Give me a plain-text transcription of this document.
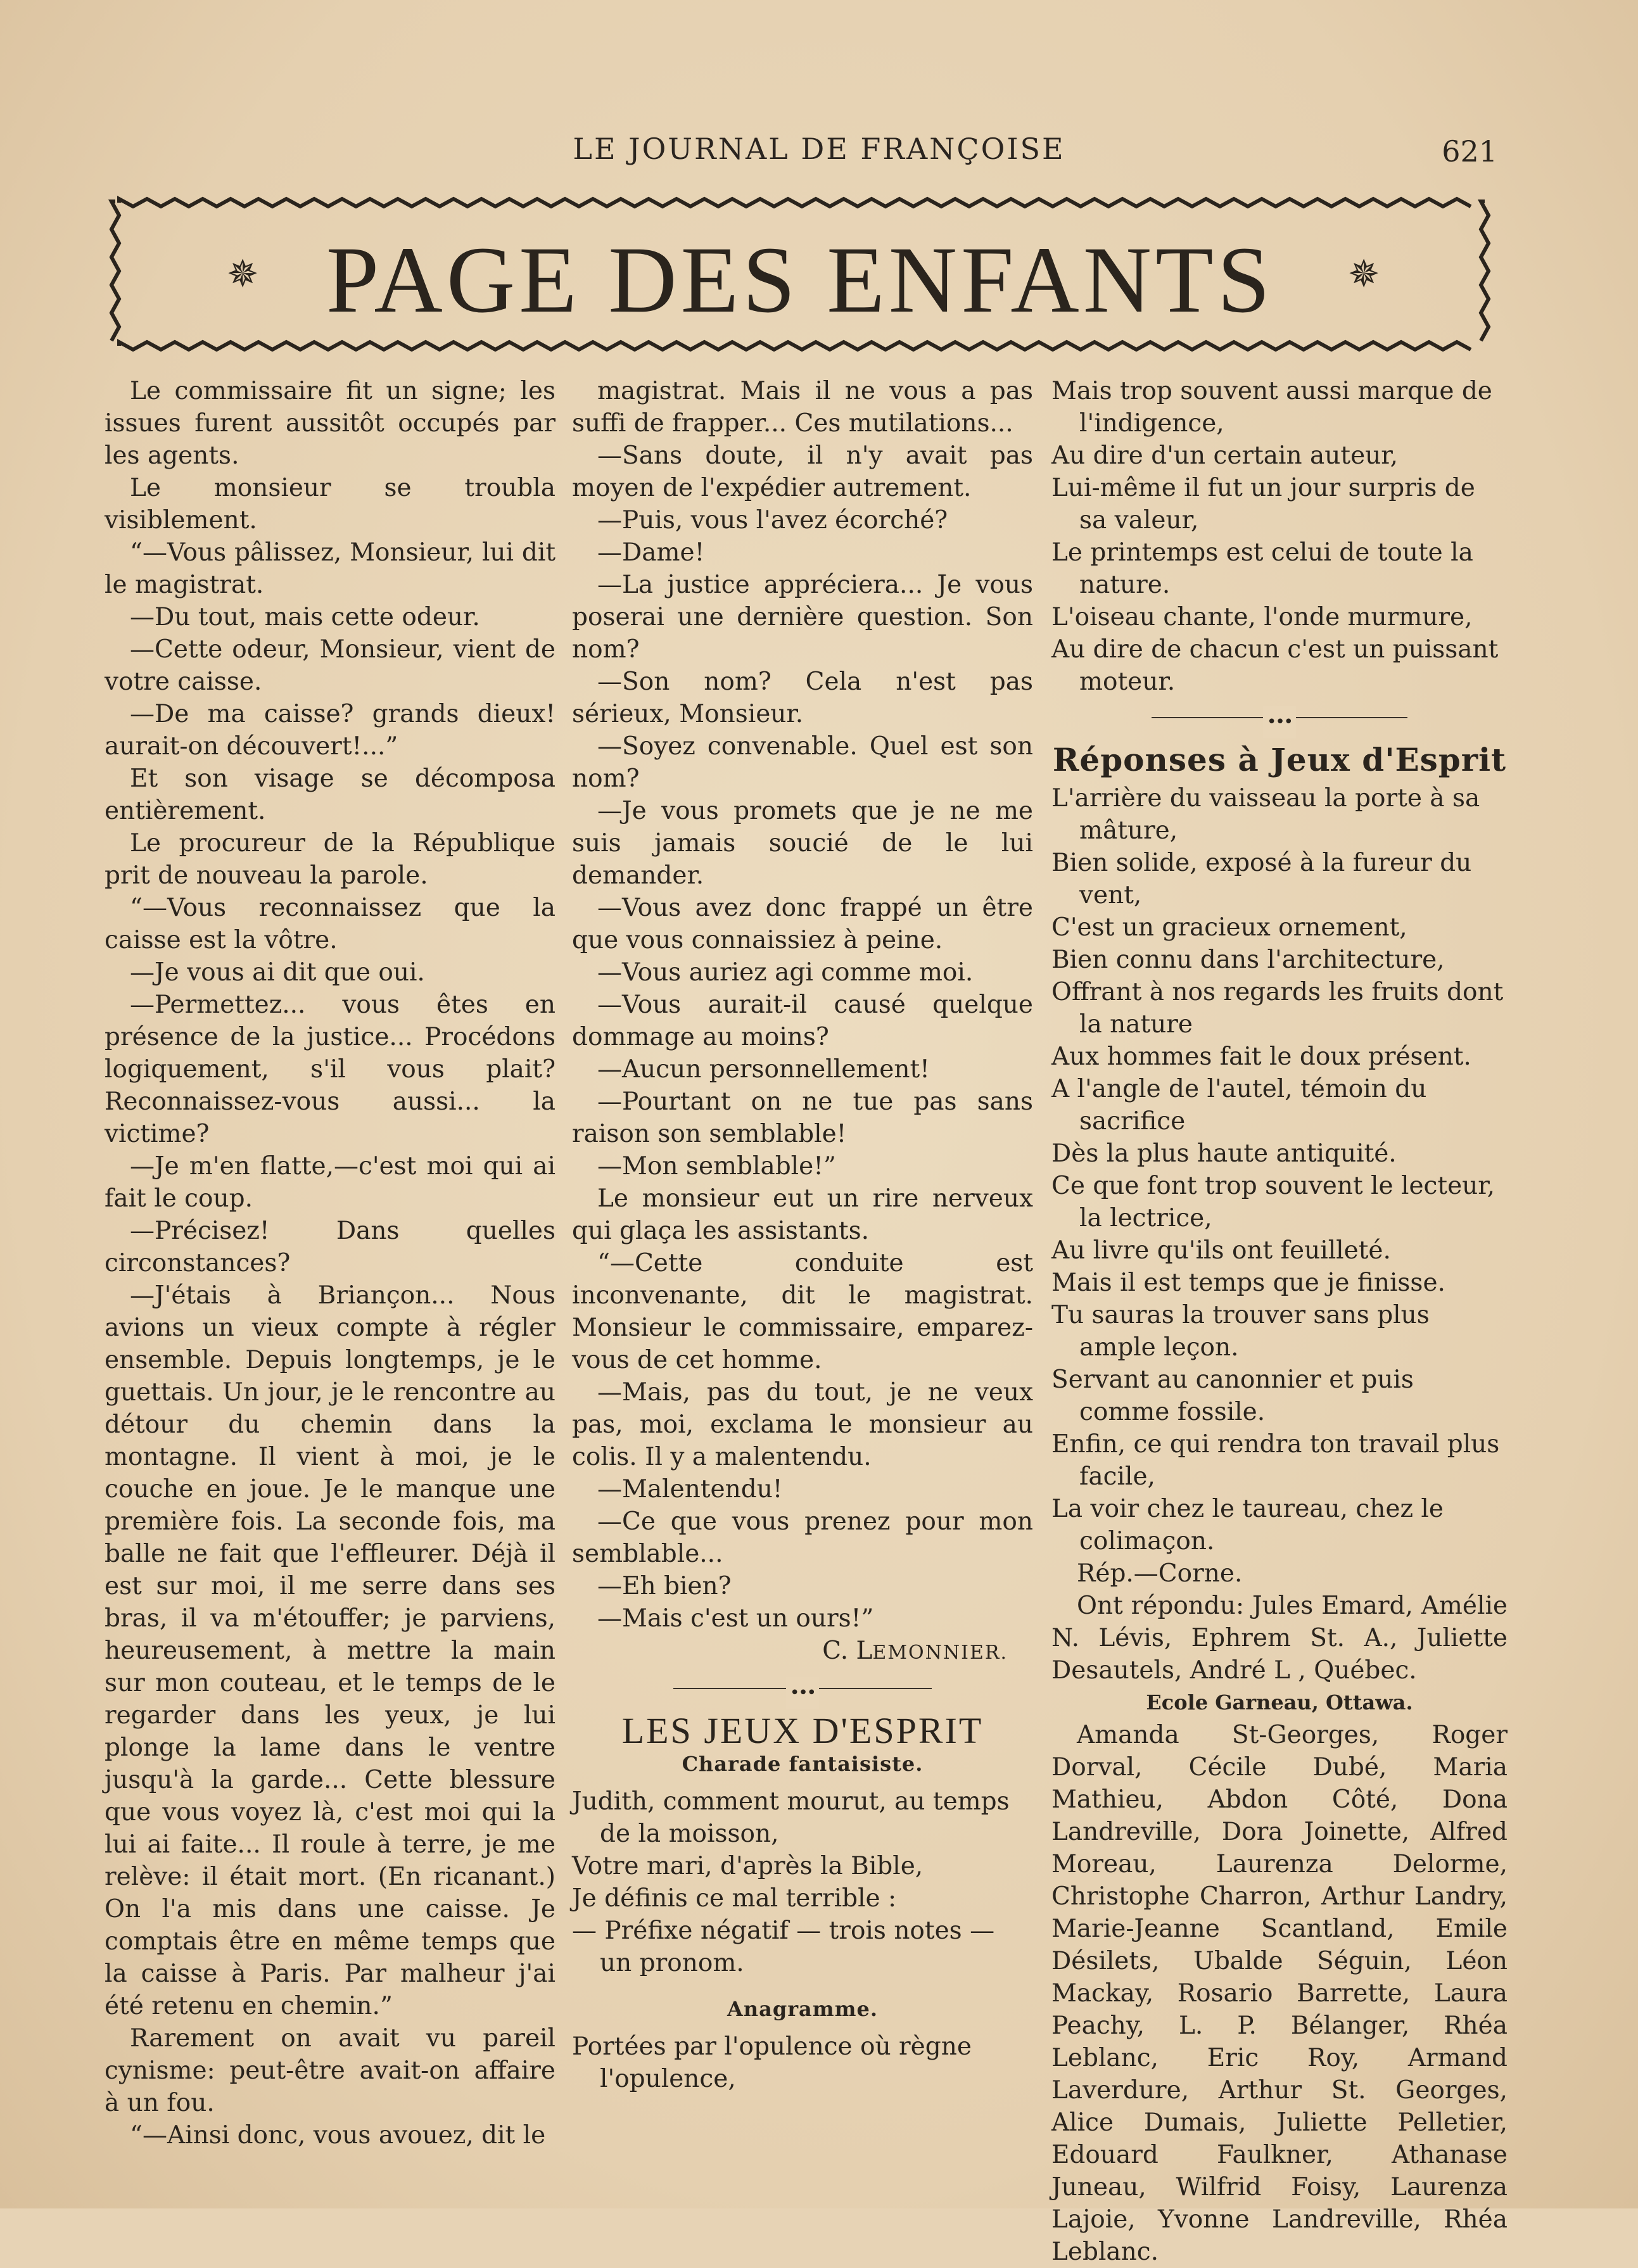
LE JOURNAL DE FRANÇOISE	621
✵ PAGE DES ENFANTS	✵

Le commissaire fit un signe; les issues furent aussitôt occupés par les agents.

Le monsieur se troubla visiblement.

“—Vous pâlissez, Monsieur, lui dit le magistrat.

—Du tout, mais cette odeur.

—Cette odeur, Monsieur, vient de votre caisse.

—De ma caisse? grands dieux! aurait-on découvert!...”

Et son visage se décomposa entièrement.

Le procureur de la République prit de nouveau la parole.

“—Vous reconnaissez que la caisse est la vôtre.

—Je vous ai dit que oui.

—Permettez... vous êtes en présence de la justice... Procédons logiquement, s'il vous plait? Reconnaissez-vous aussi... la victime?

—Je m'en flatte,—c'est moi qui ai fait le coup.

—Précisez! Dans quelles circonstances?

—J'étais à Briançon... Nous avions un vieux compte à régler ensemble. Depuis longtemps, je le guettais. Un jour, je le rencontre au détour du chemin dans la montagne. Il vient à moi, je le couche en joue. Je le manque une première fois. La seconde fois, ma balle ne fait que l'effleurer. Déjà il est sur moi, il me serre dans ses bras, il va m'étouffer; je parviens, heureusement, à mettre la main sur mon couteau, et le temps de le regarder dans les yeux, je lui plonge la lame dans le ventre jusqu'à la garde... Cette blessure que vous voyez là, c'est moi qui la lui ai faite... Il roule à terre, je me relève: il était mort. (En ricanant.) On l'a mis dans une caisse. Je comptais être en même temps que la caisse à Paris. Par malheur j'ai été retenu en chemin.”

Rarement on avait vu pareil cynisme: peut-être avait-on affaire à un fou.

“—Ainsi donc, vous avouez, dit le

magistrat. Mais il ne vous a pas suffi de frapper... Ces mutilations...

—Sans doute, il n'y avait pas moyen de l'expédier autrement.

—Puis, vous l'avez écorché?

—Dame!

—La justice appréciera... Je vous poserai une dernière question. Son nom?

—Son nom? Cela n'est pas sérieux, Monsieur.

—Soyez convenable. Quel est son nom?

—Je vous promets que je ne me suis jamais soucié de le lui demander.

—Vous avez donc frappé un être que vous connaissiez à peine.

—Vous auriez agi comme moi.

—Vous aurait-il causé quelque dommage au moins?

—Aucun personnellement!

—Pourtant on ne tue pas sans raison son semblable!

—Mon semblable!”

Le monsieur eut un rire nerveux qui glaça les assistants.

“—Cette conduite est inconvenante, dit le magistrat. Monsieur le commissaire, emparez-vous de cet homme.

—Mais, pas du tout, je ne veux pas, moi, exclama le monsieur au colis. Il y a malentendu.

—Malentendu!

—Ce que vous prenez pour mon semblable...

—Eh bien?

—Mais c'est un ours!”

C. LEMONNIER.

•••
LES JEUX D'ESPRIT
Charade fantaisiste.

Judith, comment mourut, au temps de la moisson,

Votre mari, d'après la Bible,

Je définis ce mal terrible :

— Préfixe négatif — trois notes — un pronom.

Anagramme.

Portées par l'opulence où règne l'opulence,

Mais trop souvent aussi marque de l'indigence,

Au dire d'un certain auteur,

Lui-même il fut un jour surpris de sa valeur,

Le printemps est celui de toute la nature.

L'oiseau chante, l'onde murmure,

Au dire de chacun c'est un puissant moteur.

•••
Réponses à Jeux d'Esprit

L'arrière du vaisseau la porte à sa mâture,

Bien solide, exposé à la fureur du vent,

C'est un gracieux ornement,

Bien connu dans l'architecture,

Offrant à nos regards les fruits dont la nature

Aux hommes fait le doux présent.

A l'angle de l'autel, témoin du sacrifice

Dès la plus haute antiquité.

Ce que font trop souvent le lecteur, la lectrice,

Au livre qu'ils ont feuilleté.

Mais il est temps que je finisse.

Tu sauras la trouver sans plus ample leçon.

Servant au canonnier et puis comme fossile.

Enfin, ce qui rendra ton travail plus facile,

La voir chez le taureau, chez le colimaçon.

Rép.—Corne.

Ont répondu: Jules Emard, Amélie N. Lévis, Ephrem St. A., Juliette Desautels, André L , Québec.

Ecole Garneau, Ottawa.

Amanda St-Georges, Roger Dorval, Cécile Dubé, Maria Mathieu, Abdon Côté, Dona Landreville, Dora Joinette, Alfred Moreau, Laurenza Delorme, Christophe Charron, Arthur Landry, Marie-Jeanne Scantland, Emile Désilets, Ubalde Séguin, Léon Mackay, Rosario Barrette, Laura Peachy, L. P. Bélanger, Rhéa Leblanc, Eric Roy, Armand Laverdure, Arthur St. Georges, Alice Dumais, Juliette Pelletier, Edouard Faulkner, Athanase Juneau, Wilfrid Foisy, Laurenza Lajoie, Yvonne Landreville, Rhéa Leblanc.
